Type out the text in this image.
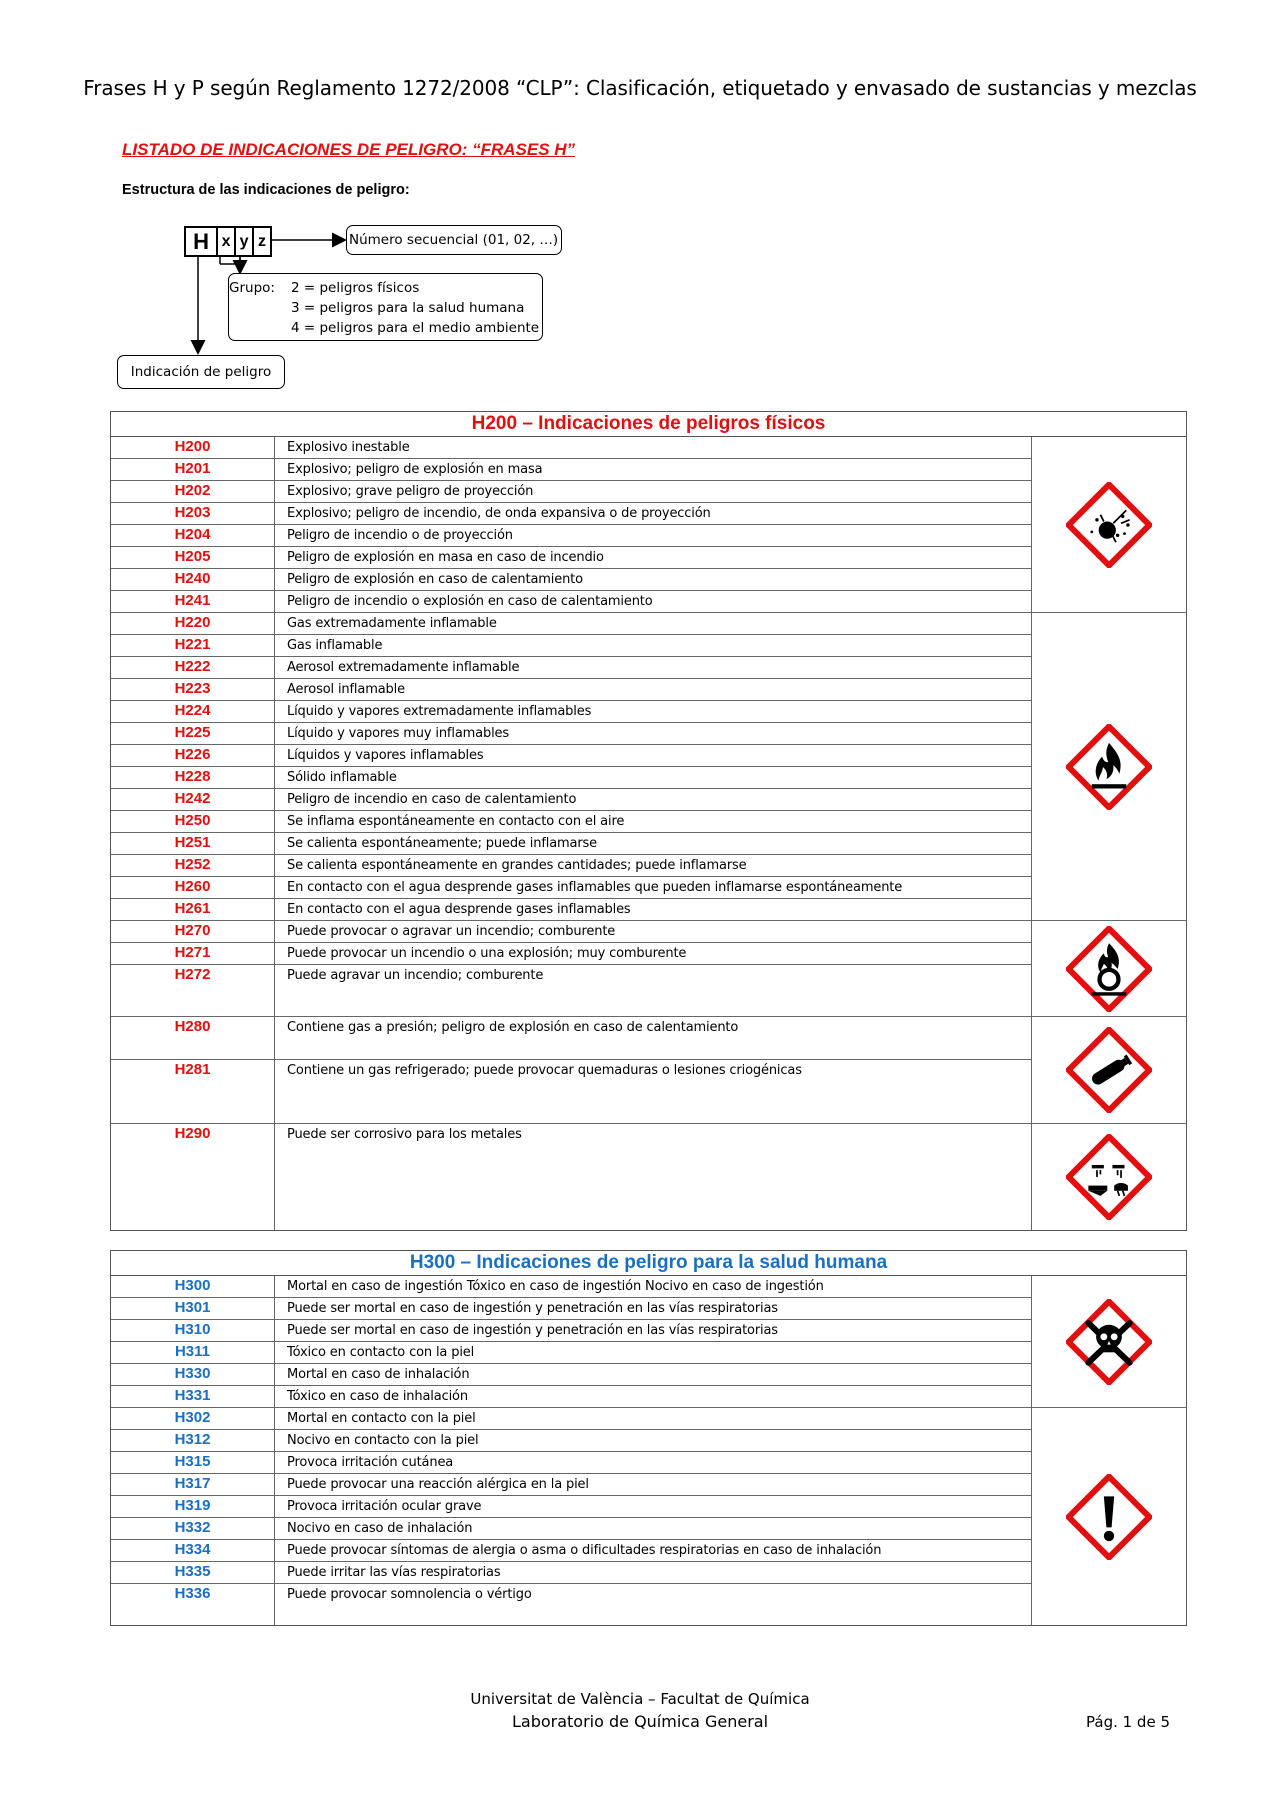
Frases H y P según Reglamento 1272/2008 “CLP”: Clasificación, etiquetado y envasado de sustancias y mezclas
LISTADO DE INDICACIONES DE PELIGRO: “FRASES H”
Estructura de las indicaciones de peligro:
H x y z	Número secuencial (01, 02, …)
Grupo:	2 = peligros físicos
3 = peligros para la salud humana
4 = peligros para el medio ambiente
Indicación de peligro
H200 – Indicaciones de peligros físicos
H200	Explosivo inestable
H201	Explosivo; peligro de explosión en masa
H202	Explosivo; grave peligro de proyección
H203	Explosivo; peligro de incendio, de onda expansiva o de proyección
H204	Peligro de incendio o de proyección
H205	Peligro de explosión en masa en caso de incendio
H240	Peligro de explosión en caso de calentamiento
H241	Peligro de incendio o explosión en caso de calentamiento
H220	Gas extremadamente inflamable
H221	Gas inflamable
H222	Aerosol extremadamente inflamable
H223	Aerosol inflamable
H224	Líquido y vapores extremadamente inflamables
H225	Líquido y vapores muy inflamables
H226	Líquidos y vapores inflamables
H228	Sólido inflamable
H242	Peligro de incendio en caso de calentamiento
H250	Se inflama espontáneamente en contacto con el aire
H251	Se calienta espontáneamente; puede inflamarse
H252	Se calienta espontáneamente en grandes cantidades; puede inflamarse
H260	En contacto con el agua desprende gases inflamables que pueden inflamarse espontáneamente
H261	En contacto con el agua desprende gases inflamables
H270	Puede provocar o agravar un incendio; comburente
H271	Puede provocar un incendio o una explosión; muy comburente
H272	Puede agravar un incendio; comburente
H280	Contiene gas a presión; peligro de explosión en caso de calentamiento
H281	Contiene un gas refrigerado; puede provocar quemaduras o lesiones criogénicas
H290	Puede ser corrosivo para los metales
H300 – Indicaciones de peligro para la salud humana
H300	Mortal en caso de ingestión Tóxico en caso de ingestión Nocivo en caso de ingestión
H301	Puede ser mortal en caso de ingestión y penetración en las vías respiratorias
H310	Puede ser mortal en caso de ingestión y penetración en las vías respiratorias
H311	Tóxico en contacto con la piel
H330	Mortal en caso de inhalación
H331	Tóxico en caso de inhalación
H302	Mortal en contacto con la piel
H312	Nocivo en contacto con la piel
H315	Provoca irritación cutánea
H317	Puede provocar una reacción alérgica en la piel
H319	Provoca irritación ocular grave
H332	Nocivo en caso de inhalación
H334	Puede provocar síntomas de alergia o asma o dificultades respiratorias en caso de inhalación
H335	Puede irritar las vías respiratorias
H336	Puede provocar somnolencia o vértigo
Universitat de València – Facultat de Química
Laboratorio de Química General	Pág. 1 de 5
